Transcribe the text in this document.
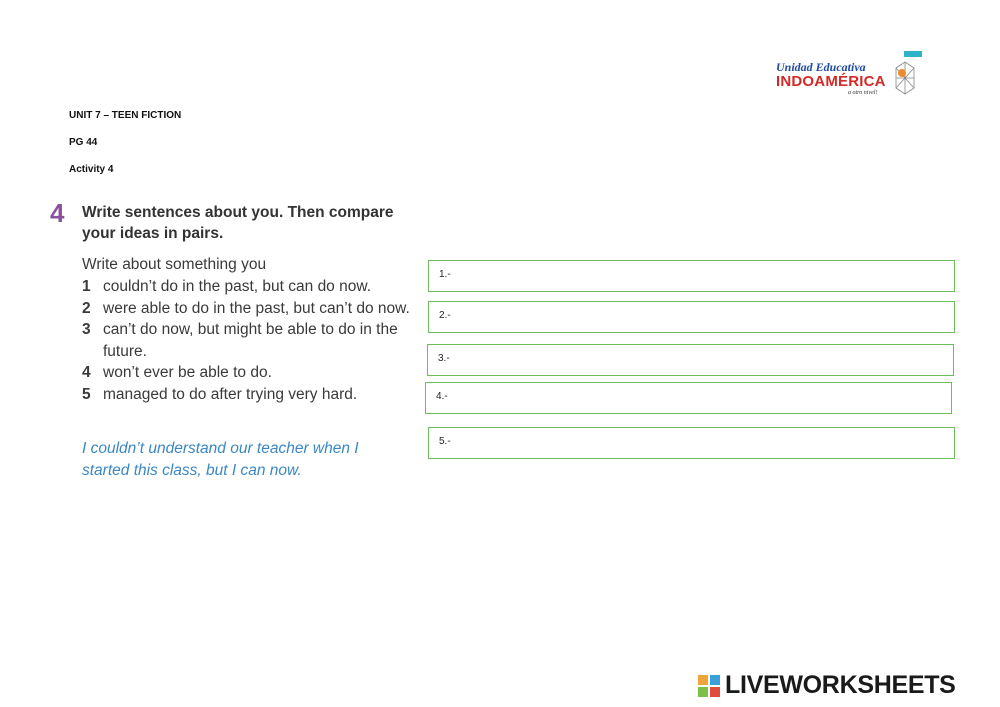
UNIT 7 – TEEN FICTION
PG 44
Activity 4
Unidad Educativa
INDOAMÉRICA
a otro nivel!
4 Write sentences about you. Then compare your ideas in pairs.
Write about something you
1 couldn’t do in the past, but can do now.
2 were able to do in the past, but can’t do now.
3 can’t do now, but might be able to do in the future.
4 won’t ever be able to do.
5 managed to do after trying very hard.
I couldn’t understand our teacher when I started this class, but I can now.
1.-
2.-
3.-
4.-
5.-
LIVEWORKSHEETS
